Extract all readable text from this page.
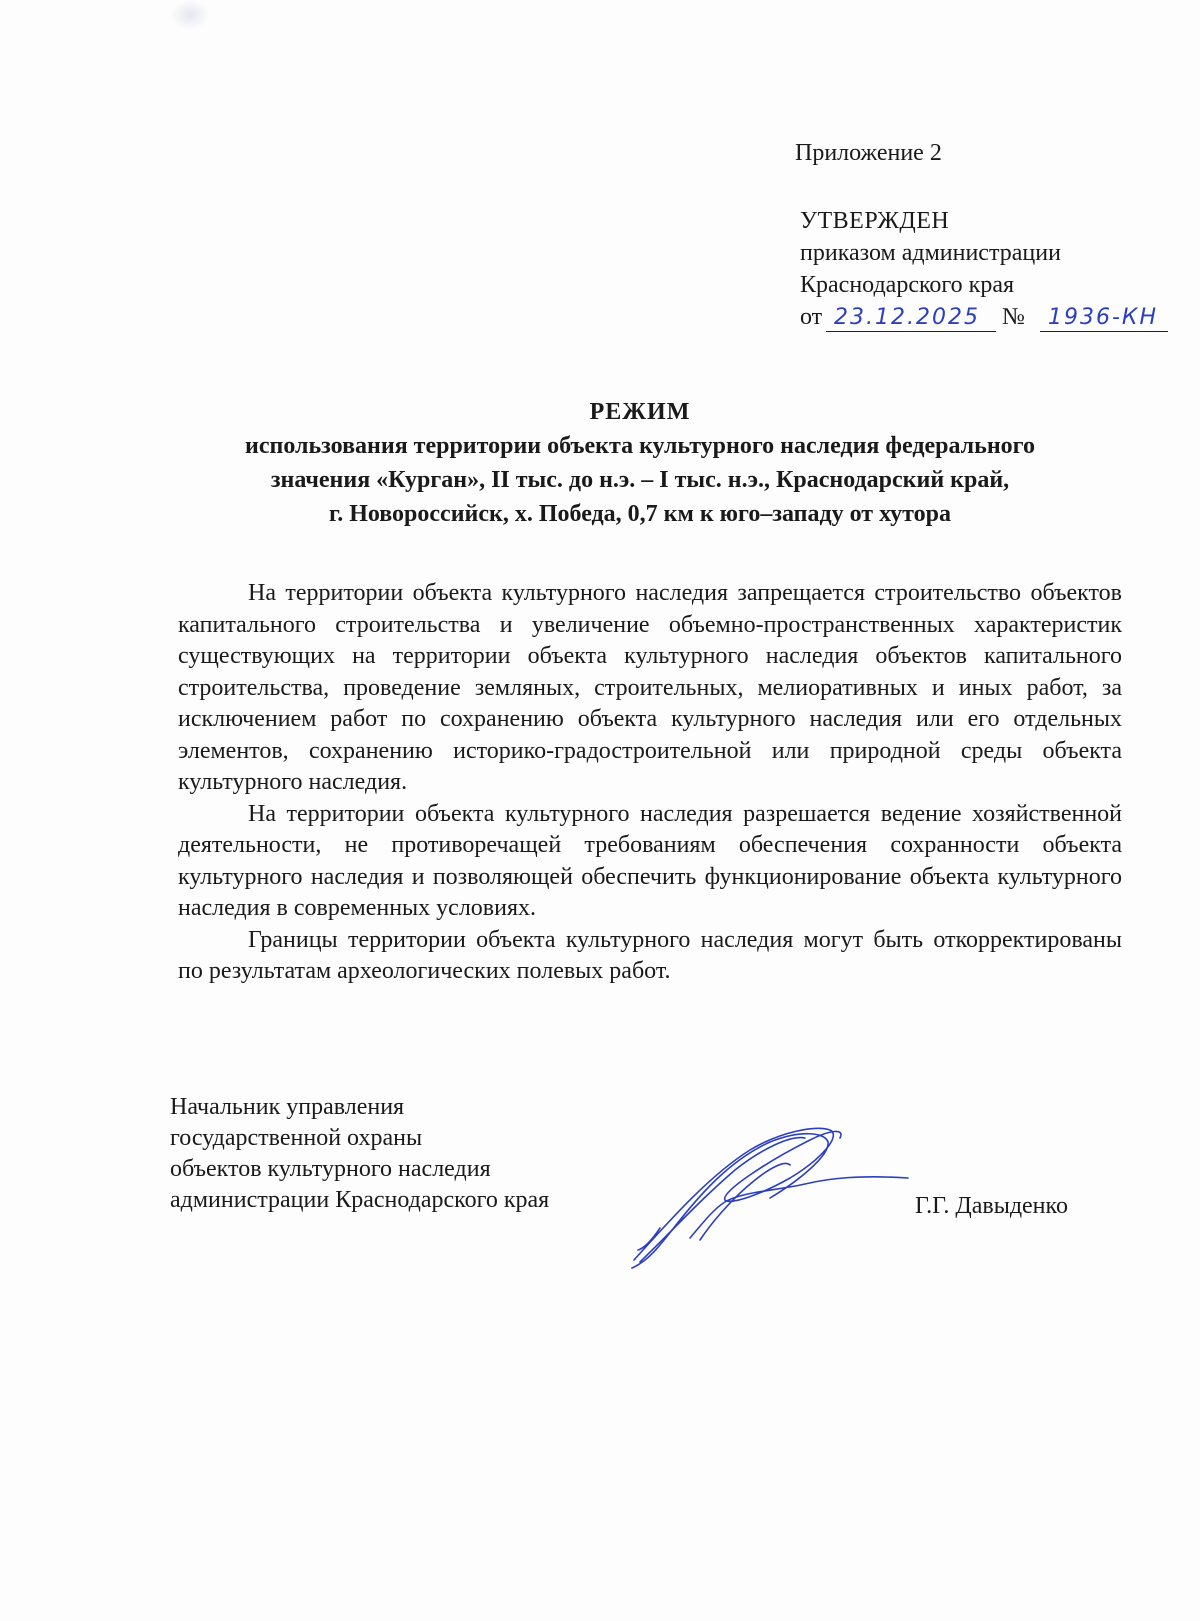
Приложение 2
УТВЕРЖДЕН
приказом администрации
Краснодарского края
от 23.12.2025 № 1936-КН
РЕЖИМ
использования территории объекта культурного наследия федерального
значения «Курган», II тыс. до н.э. – I тыс. н.э., Краснодарский край,
г. Новороссийск, х. Победа, 0,7 км к юго–западу от хутора

На территории объекта культурного наследия запрещается строительство объектов капитального строительства и увеличение объемно-пространственных характеристик существующих на территории объекта культурного наследия объектов капитального строительства, проведение земляных, строительных, мелиоративных и иных работ, за исключением работ по сохранению объекта культурного наследия или его отдельных элементов, сохранению историко-градостроительной или природной среды объекта культурного наследия.

На территории объекта культурного наследия разрешается ведение хозяйственной деятельности, не противоречащей требованиям обеспечения сохранности объекта культурного наследия и позволяющей обеспечить функционирование объекта культурного наследия в современных условиях.

Границы территории объекта культурного наследия могут быть откорректированы по результатам археологических полевых работ.

Начальник управления
государственной охраны
объектов культурного наследия
администрации Краснодарского края	Г.Г. Давыденко
